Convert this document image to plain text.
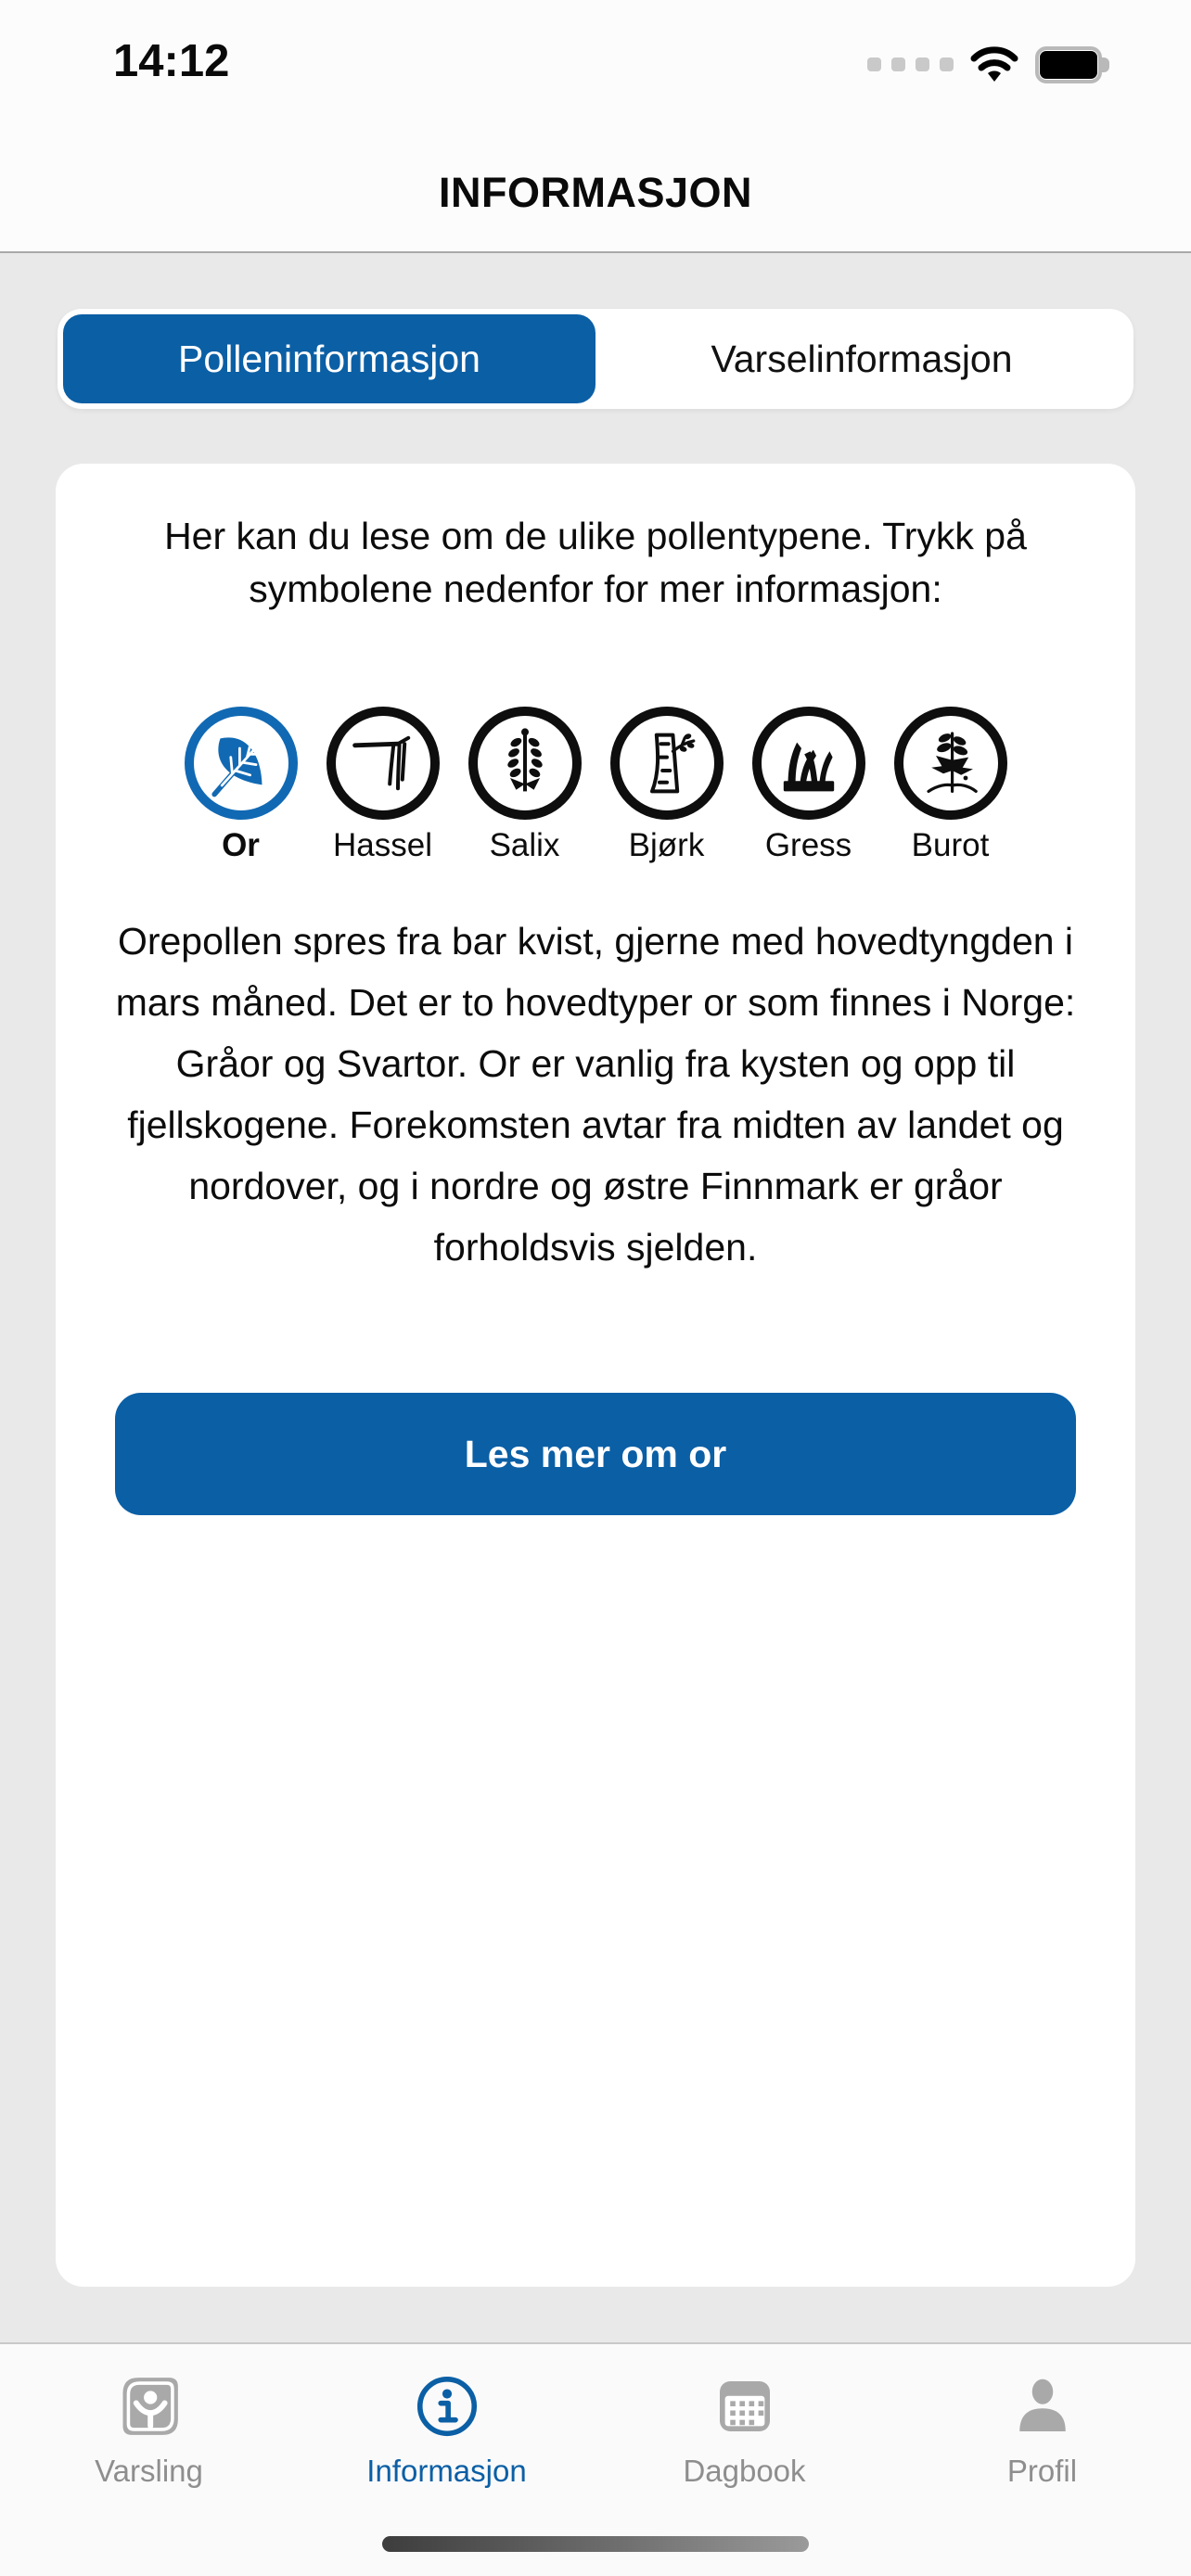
14:12
INFORMASJON
Polleninformasjon	Varselinformasjon
Her kan du lese om de ulike pollentypene. Trykk på symbolene nedenfor for mer informasjon:
Or Hassel Salix Bjørk Gress Burot
Orepollen spres fra bar kvist, gjerne med hovedtyngden i mars måned. Det er to hovedtyper or som finnes i Norge: Gråor og Svartor. Or er vanlig fra kysten og opp til fjellskogene. Forekomsten avtar fra midten av landet og nordover, og i nordre og østre Finnmark er gråor forholdsvis sjelden.
Les mer om or
Varsling	Informasjon	Dagbook	Profil
